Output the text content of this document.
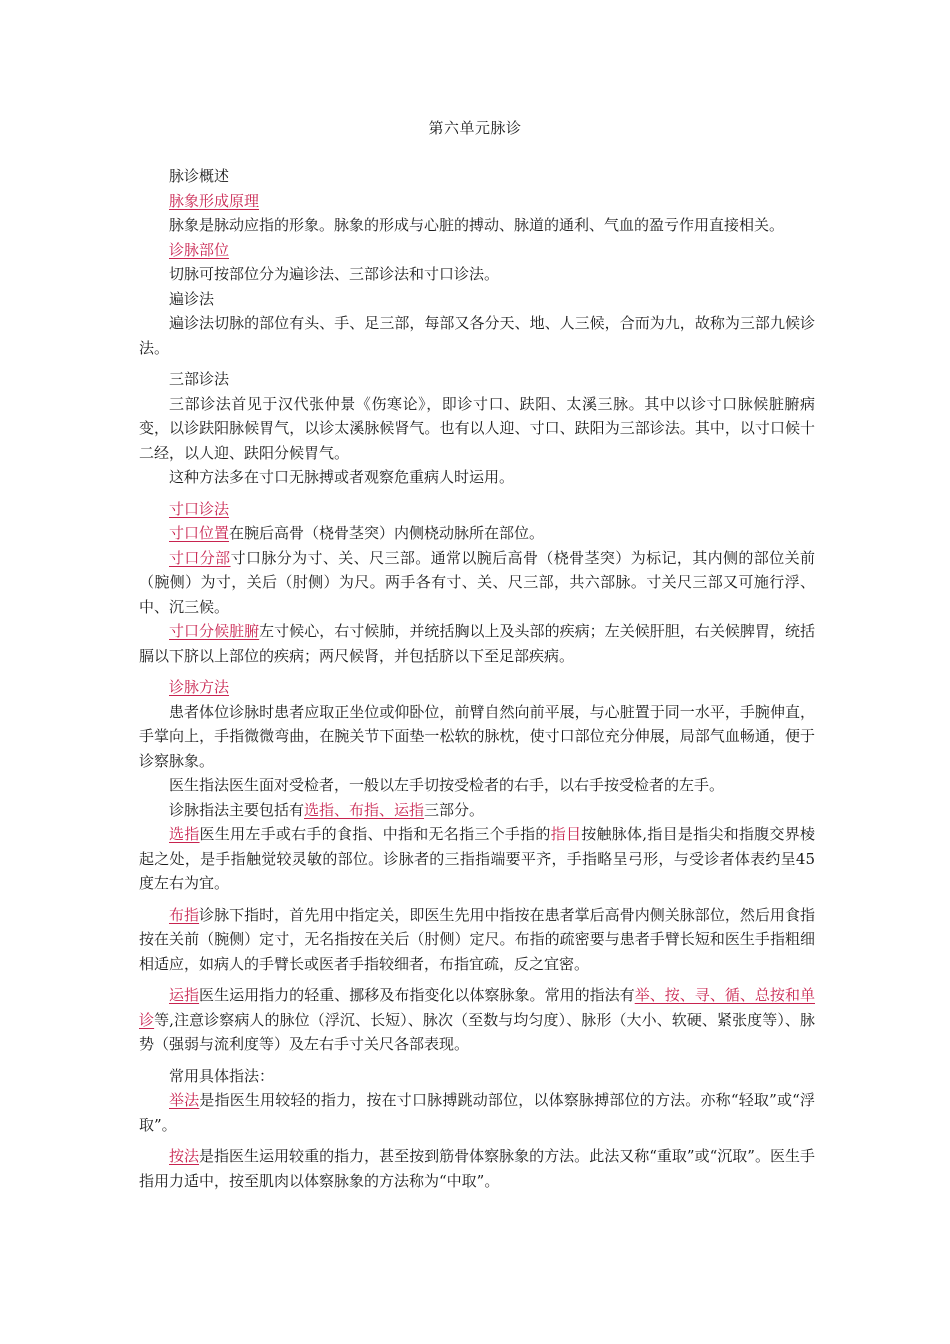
第六单元脉诊

脉诊概述

脉象形成原理

脉象是脉动应指的形象。脉象的形成与心脏的搏动、脉道的通利、气血的盈亏作用直接相关。

诊脉部位

切脉可按部位分为遍诊法、三部诊法和寸口诊法。

遍诊法

遍诊法切脉的部位有头、手、足三部，每部又各分天、地、人三候，合而为九，故称为三部九候诊法。

三部诊法

三部诊法首见于汉代张仲景《伤寒论》，即诊寸口、趺阳、太溪三脉。其中以诊寸口脉候脏腑病变，以诊趺阳脉候胃气，以诊太溪脉候肾气。也有以人迎、寸口、趺阳为三部诊法。其中，以寸口候十二经，以人迎、趺阳分候胃气。

这种方法多在寸口无脉搏或者观察危重病人时运用。

寸口诊法

寸口位置在腕后高骨（桡骨茎突）内侧桡动脉所在部位。

寸口分部寸口脉分为寸、关、尺三部。通常以腕后高骨（桡骨茎突）为标记，其内侧的部位关前（腕侧）为寸，关后（肘侧）为尺。两手各有寸、关、尺三部，共六部脉。寸关尺三部又可施行浮、中、沉三候。

寸口分候脏腑左寸候心，右寸候肺，并统括胸以上及头部的疾病；左关候肝胆，右关候脾胃，统括膈以下脐以上部位的疾病；两尺候肾，并包括脐以下至足部疾病。

诊脉方法

患者体位诊脉时患者应取正坐位或仰卧位，前臂自然向前平展，与心脏置于同一水平，手腕伸直，手掌向上，手指微微弯曲，在腕关节下面垫一松软的脉枕，使寸口部位充分伸展，局部气血畅通，便于诊察脉象。

医生指法医生面对受检者，一般以左手切按受检者的右手，以右手按受检者的左手。

诊脉指法主要包括有选指、布指、运指三部分。

选指医生用左手或右手的食指、中指和无名指三个手指的指目按触脉体,指目是指尖和指腹交界棱起之处，是手指触觉较灵敏的部位。诊脉者的三指指端要平齐，手指略呈弓形，与受诊者体表约呈45度左右为宜。

布指诊脉下指时，首先用中指定关，即医生先用中指按在患者掌后高骨内侧关脉部位，然后用食指按在关前（腕侧）定寸，无名指按在关后（肘侧）定尺。布指的疏密要与患者手臂长短和医生手指粗细相适应，如病人的手臂长或医者手指较细者，布指宜疏，反之宜密。

运指医生运用指力的轻重、挪移及布指变化以体察脉象。常用的指法有举、按、寻、循、总按和单诊等,注意诊察病人的脉位（浮沉、长短）、脉次（至数与均匀度）、脉形（大小、软硬、紧张度等）、脉势（强弱与流利度等）及左右手寸关尺各部表现。

常用具体指法：

举法是指医生用较轻的指力，按在寸口脉搏跳动部位，以体察脉搏部位的方法。亦称“轻取”或“浮取”。

按法是指医生运用较重的指力，甚至按到筋骨体察脉象的方法。此法又称“重取”或“沉取”。医生手指用力适中，按至肌肉以体察脉象的方法称为“中取”。
